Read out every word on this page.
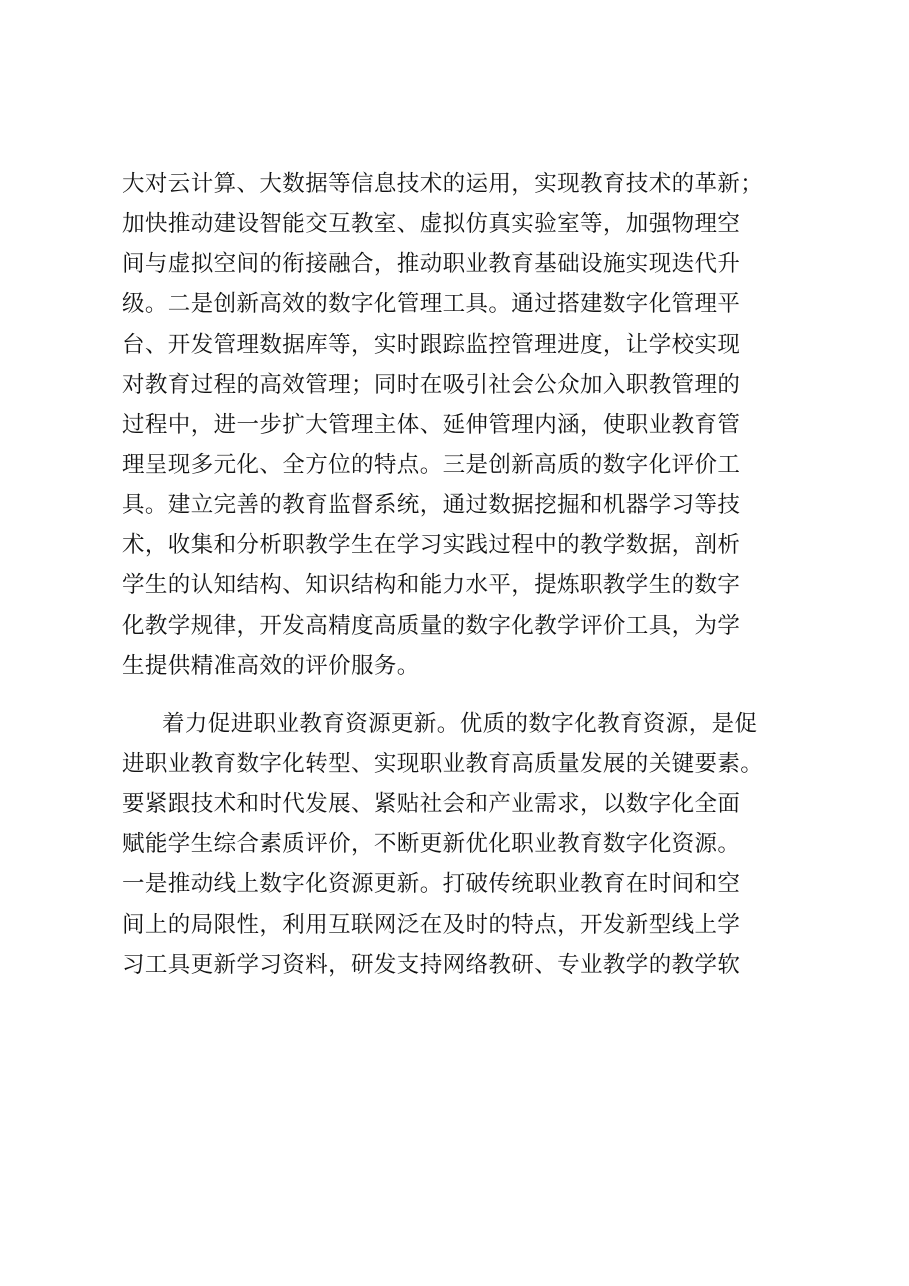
大对云计算、大数据等信息技术的运用，实现教育技术的革新；
加快推动建设智能交互教室、虚拟仿真实验室等，加强物理空
间与虚拟空间的衔接融合，推动职业教育基础设施实现迭代升
级。二是创新高效的数字化管理工具。通过搭建数字化管理平
台、开发管理数据库等，实时跟踪监控管理进度，让学校实现
对教育过程的高效管理；同时在吸引社会公众加入职教管理的
过程中，进一步扩大管理主体、延伸管理内涵，使职业教育管
理呈现多元化、全方位的特点。三是创新高质的数字化评价工
具。建立完善的教育监督系统，通过数据挖掘和机器学习等技
术，收集和分析职教学生在学习实践过程中的教学数据，剖析
学生的认知结构、知识结构和能力水平，提炼职教学生的数字
化教学规律，开发高精度高质量的数字化教学评价工具，为学
生提供精准高效的评价服务。
着力促进职业教育资源更新。优质的数字化教育资源，是促
进职业教育数字化转型、实现职业教育高质量发展的关键要素。
要紧跟技术和时代发展、紧贴社会和产业需求，以数字化全面
赋能学生综合素质评价，不断更新优化职业教育数字化资源。
一是推动线上数字化资源更新。打破传统职业教育在时间和空
间上的局限性，利用互联网泛在及时的特点，开发新型线上学
习工具更新学习资料，研发支持网络教研、专业教学的教学软
